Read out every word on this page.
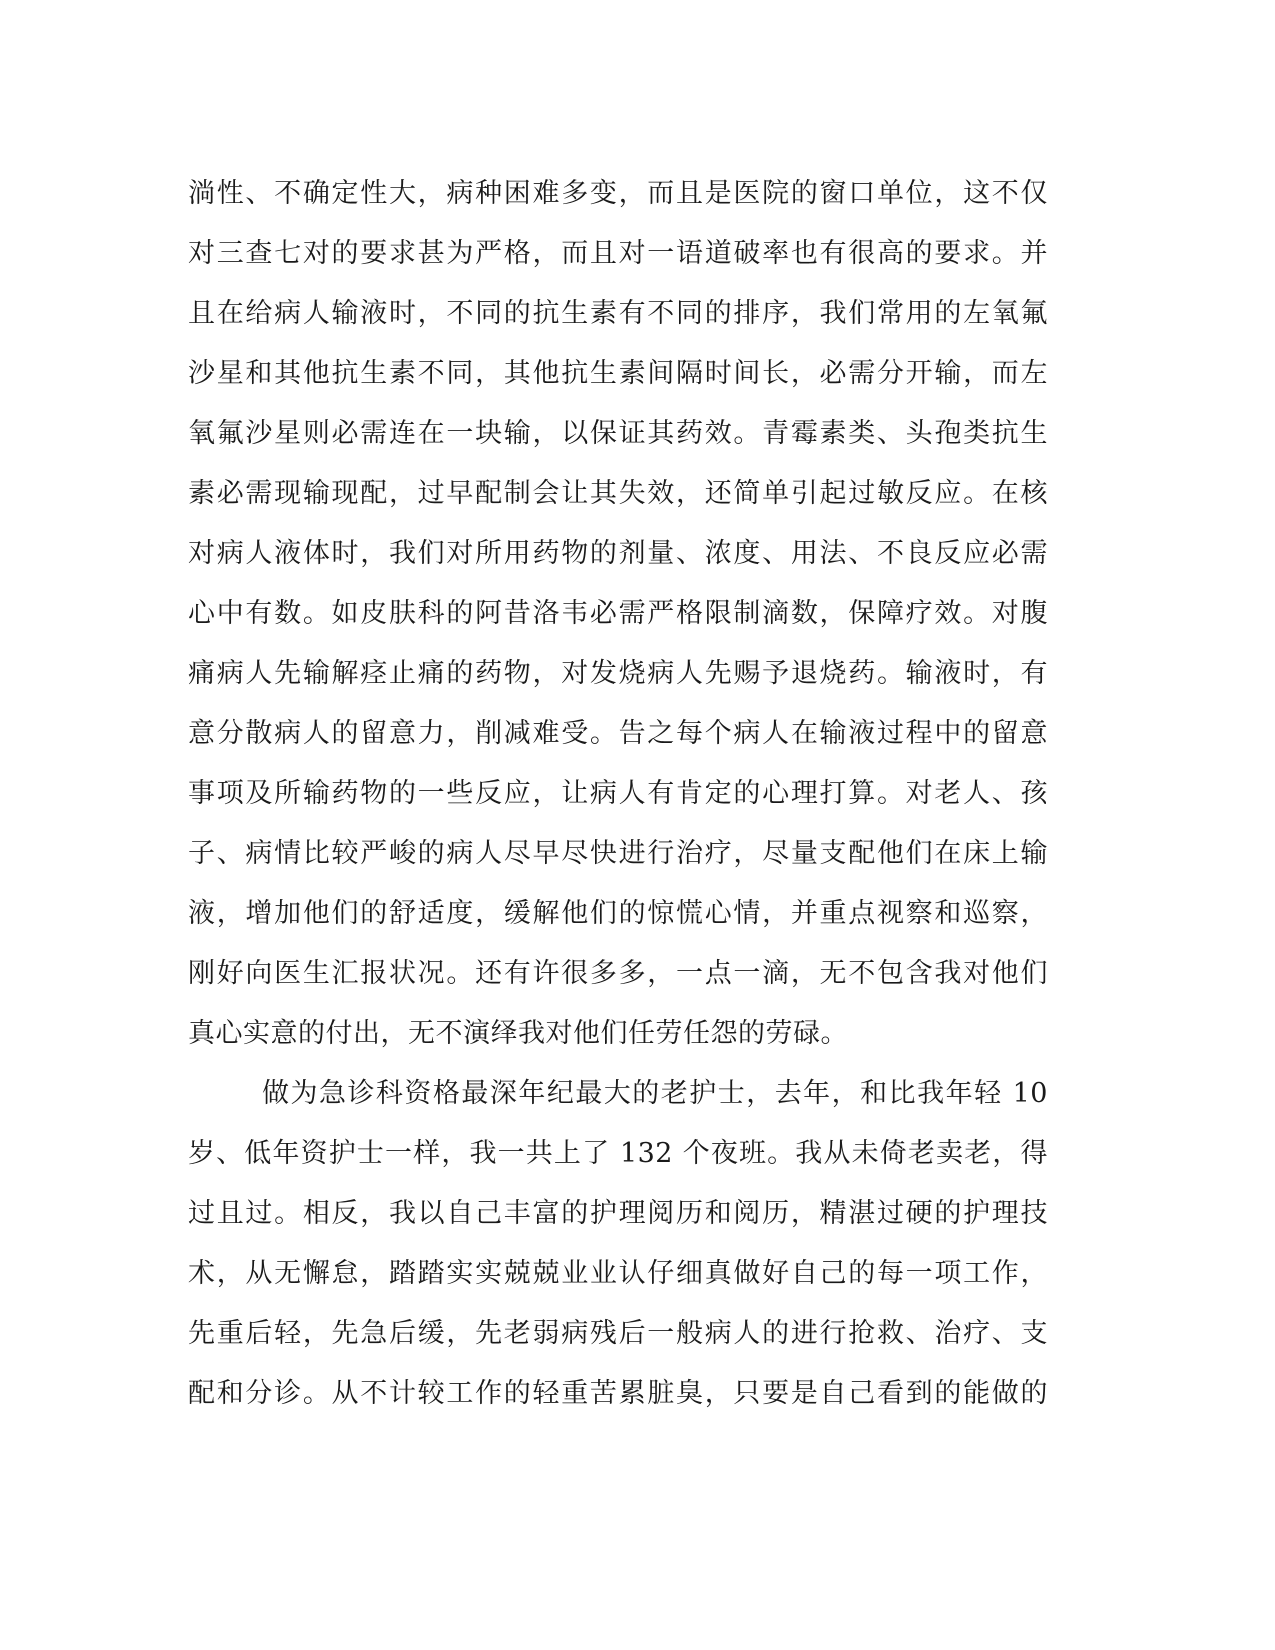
淌性、不确定性大，病种困难多变，而且是医院的窗口单位，这不仅
对三查七对的要求甚为严格，而且对一语道破率也有很高的要求。并
且在给病人输液时，不同的抗生素有不同的排序，我们常用的左氧氟
沙星和其他抗生素不同，其他抗生素间隔时间长，必需分开输，而左
氧氟沙星则必需连在一块输，以保证其药效。青霉素类、头孢类抗生
素必需现输现配，过早配制会让其失效，还简单引起过敏反应。在核
对病人液体时，我们对所用药物的剂量、浓度、用法、不良反应必需
心中有数。如皮肤科的阿昔洛韦必需严格限制滴数，保障疗效。对腹
痛病人先输解痉止痛的药物，对发烧病人先赐予退烧药。输液时，有
意分散病人的留意力，削减难受。告之每个病人在输液过程中的留意
事项及所输药物的一些反应，让病人有肯定的心理打算。对老人、孩
子、病情比较严峻的病人尽早尽快进行治疗，尽量支配他们在床上输
液，增加他们的舒适度，缓解他们的惊慌心情，并重点视察和巡察，
刚好向医生汇报状况。还有许很多多，一点一滴，无不包含我对他们
真心实意的付出，无不演绎我对他们任劳任怨的劳碌。
做为急诊科资格最深年纪最大的老护士，去年，和比我年轻 10
岁、低年资护士一样，我一共上了 132 个夜班。我从未倚老卖老，得
过且过。相反，我以自己丰富的护理阅历和阅历，精湛过硬的护理技
术，从无懈怠，踏踏实实兢兢业业认仔细真做好自己的每一项工作，
先重后轻，先急后缓，先老弱病残后一般病人的进行抢救、治疗、支
配和分诊。从不计较工作的轻重苦累脏臭，只要是自己看到的能做的
